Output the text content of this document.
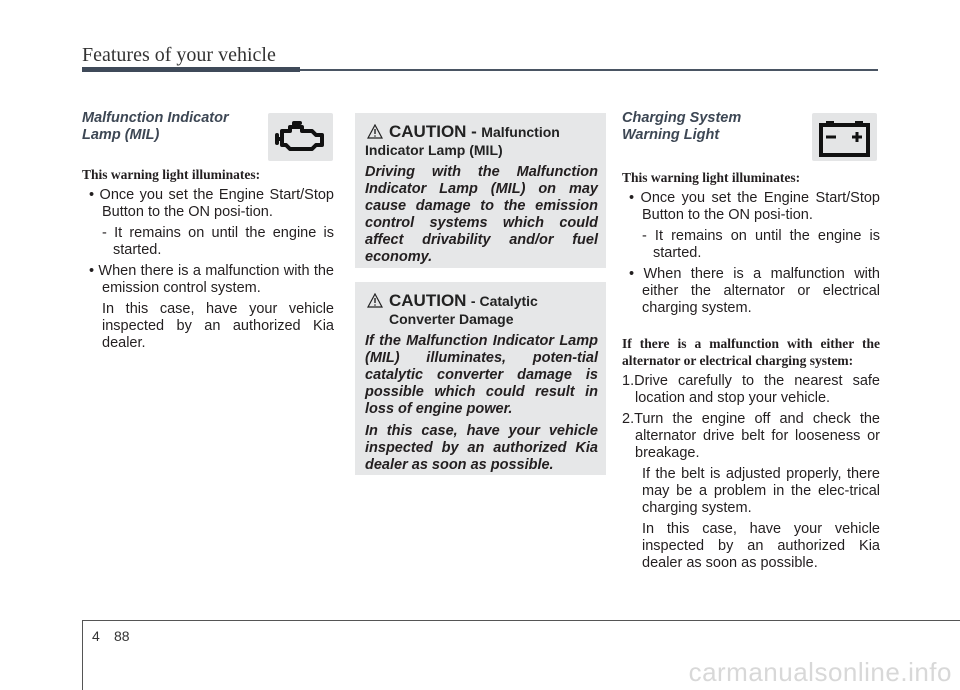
Features of your vehicle

Malfunction Indicator
Lamp (MIL)

This warning light illuminates:

• Once you set the Engine Start/Stop Button to the ON posi-tion.

- It remains on until the engine is started.

• When there is a malfunction with the emission control system.

In this case, have your vehicle inspected by an authorized Kia dealer.

CAUTION - Malfunction
Indicator Lamp (MIL)

Driving with the Malfunction Indicator Lamp (MIL) on may cause damage to the emission control systems which could affect drivability and/or fuel economy.

CAUTION - Catalytic
Converter Damage

If the Malfunction Indicator Lamp (MIL) illuminates, poten-tial catalytic converter damage is possible which could result in loss of engine power.

In this case, have your vehicle inspected by an authorized Kia dealer as soon as possible.

Charging System
Warning Light

This warning light illuminates:

• Once you set the Engine Start/Stop Button to the ON posi-tion.

- It remains on until the engine is started.

• When there is a malfunction with either the alternator or electrical charging system.

If there is a malfunction with either the alternator or electrical charging system:

1.Drive carefully to the nearest safe location and stop your vehicle.

2.Turn the engine off and check the alternator drive belt for looseness or breakage.

If the belt is adjusted properly, there may be a problem in the elec-trical charging system.

In this case, have your vehicle inspected by an authorized Kia dealer as soon as possible.

4 88
carmanualsonline.info
